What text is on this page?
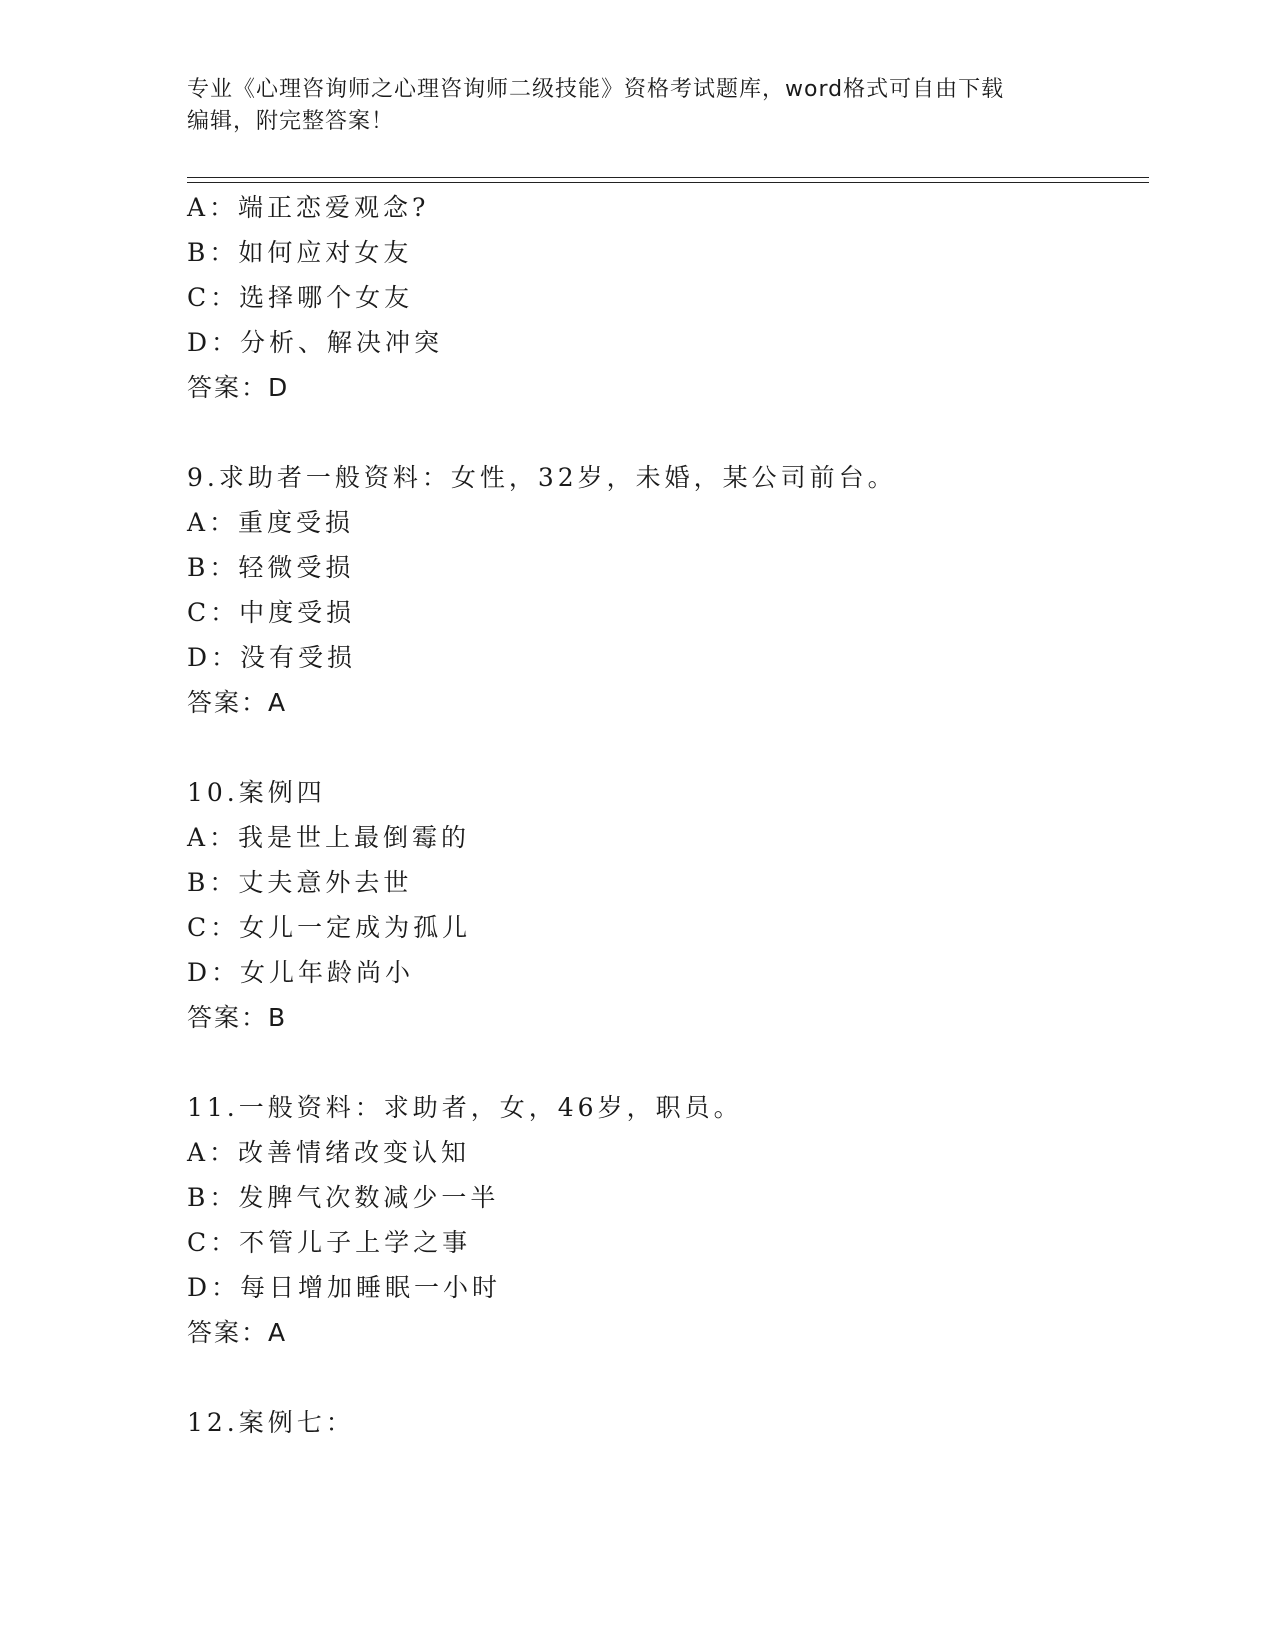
专业《心理咨询师之心理咨询师二级技能》资格考试题库，word格式可自由下载
编辑，附完整答案！
A：端正恋爱观念?
B：如何应对女友
C：选择哪个女友
D：分析、解决冲突
答案：D
9.求助者一般资料：女性，32岁，未婚，某公司前台。
A：重度受损
B：轻微受损
C：中度受损
D：没有受损
答案：A
10.案例四
A：我是世上最倒霉的
B：丈夫意外去世
C：女儿一定成为孤儿
D：女儿年龄尚小
答案：B
11.一般资料：求助者，女，46岁，职员。
A：改善情绪改变认知
B：发脾气次数减少一半
C：不管儿子上学之事
D：每日增加睡眠一小时
答案：A
12.案例七：
